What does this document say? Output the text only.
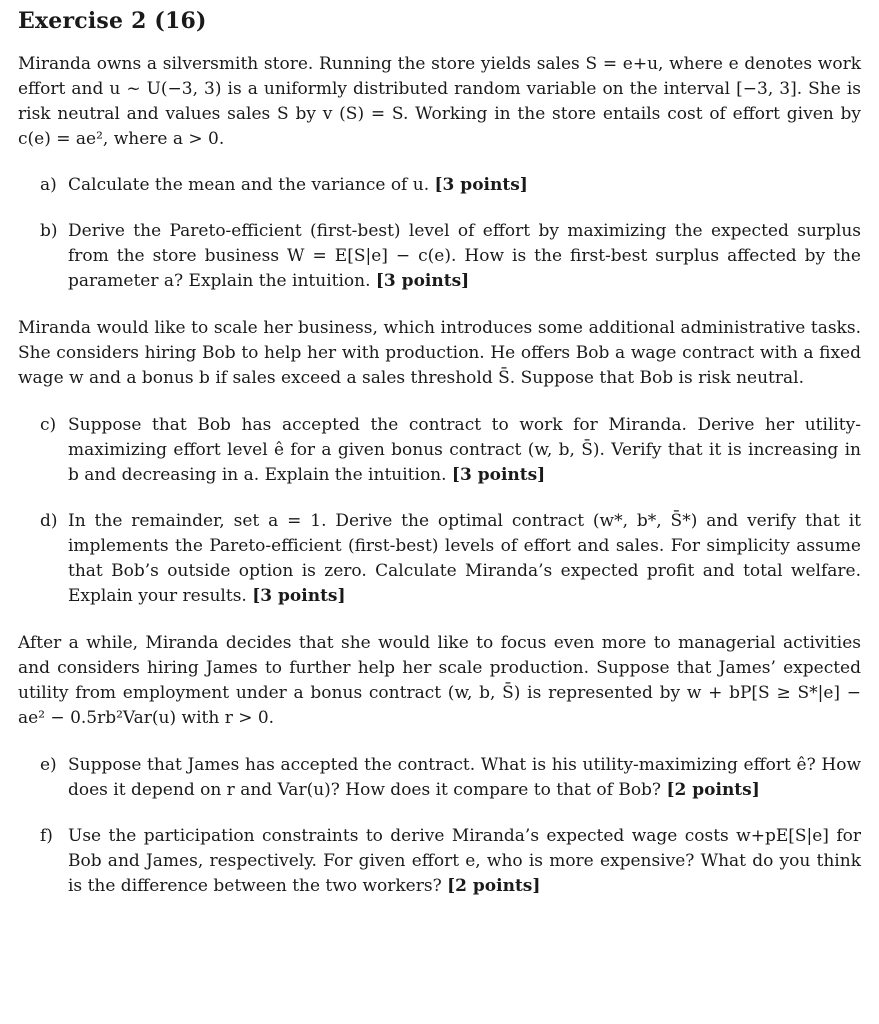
Exercise 2 (16)

Miranda owns a silversmith store. Running the store yields sales S = e+u, where e denotes work effort and u ~ U(−3, 3) is a uniformly distributed random variable on the interval [−3, 3]. She is risk neutral and values sales S by v (S) = S. Working in the store entails cost of effort given by c(e) = ae², where a > 0.

a) Calculate the mean and the variance of u. [3 points]
b) Derive the Pareto-efficient (first-best) level of effort by maximizing the expected surplus from the store business W = E[S|e] − c(e). How is the first-best surplus affected by the parameter a? Explain the intuition. [3 points]

Miranda would like to scale her business, which introduces some additional administrative tasks. She considers hiring Bob to help her with production. He offers Bob a wage contract with a fixed wage w and a bonus b if sales exceed a sales threshold S̄. Suppose that Bob is risk neutral.

c) Suppose that Bob has accepted the contract to work for Miranda. Derive her utility-maximizing effort level ê for a given bonus contract (w, b, S̄). Verify that it is increasing in b and decreasing in a. Explain the intuition. [3 points]
d) In the remainder, set a = 1. Derive the optimal contract (w*, b*, S̄*) and verify that it implements the Pareto-efficient (first-best) levels of effort and sales. For simplicity assume that Bob’s outside option is zero. Calculate Miranda’s expected profit and total welfare. Explain your results. [3 points]

After a while, Miranda decides that she would like to focus even more to managerial activities and considers hiring James to further help her scale production. Suppose that James’ expected utility from employment under a bonus contract (w, b, S̄) is represented by w + bP[S ≥ S*|e] − ae² − 0.5rb²Var(u) with r > 0.

e) Suppose that James has accepted the contract. What is his utility-maximizing effort ê? How does it depend on r and Var(u)? How does it compare to that of Bob? [2 points]
f) Use the participation constraints to derive Miranda’s expected wage costs w+pE[S|e] for Bob and James, respectively. For given effort e, who is more expensive? What do you think is the difference between the two workers? [2 points]
